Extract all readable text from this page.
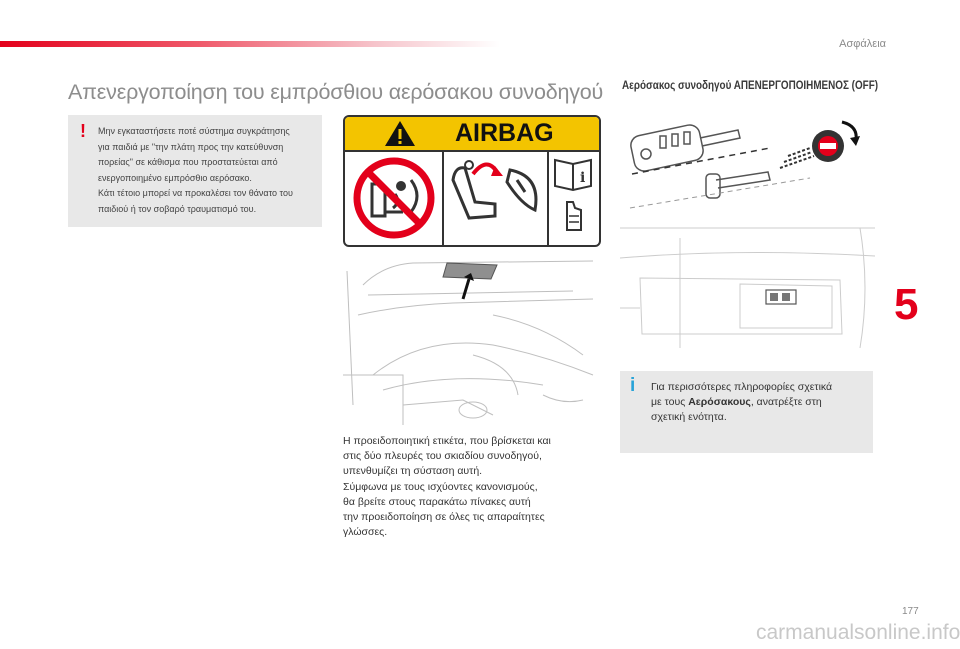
Ασφάλεια
Απενεργοποίηση του εμπρόσθιου αερόσακου συνοδηγού Αερόσακος συνοδηγού ΑΠΕΝΕΡΓΟΠΟΙΗΜΕΝΟΣ (OFF)
! Μην εγκαταστήσετε ποτέ σύστημα συγκράτησης

για παιδιά με "την πλάτη προς την κατεύθυνση

πορείας" σε κάθισμα που προστατεύεται από

ενεργοποιημένο εμπρόσθιο αερόσακο.

Κάτι τέτοιο μπορεί να προκαλέσει τον θάνατο του

παιδιού ή τον σοβαρό τραυματισμό του.

AIRBAG
i

Η προειδοποιητική ετικέτα, που βρίσκεται και

στις δύο πλευρές του σκιαδίου συνοδηγού,

υπενθυμίζει τη σύσταση αυτή.

Σύμφωνα με τους ισχύοντες κανονισμούς,

θα βρείτε στους παρακάτω πίνακες αυτή

την προειδοποίηση σε όλες τις απαραίτητες

γλώσσες.

i Για περισσότερες πληροφορίες σχετικά
με τους Αερόσακους, ανατρέξτε στη
σχετική ενότητα.
5
177
carmanualsonline.info
